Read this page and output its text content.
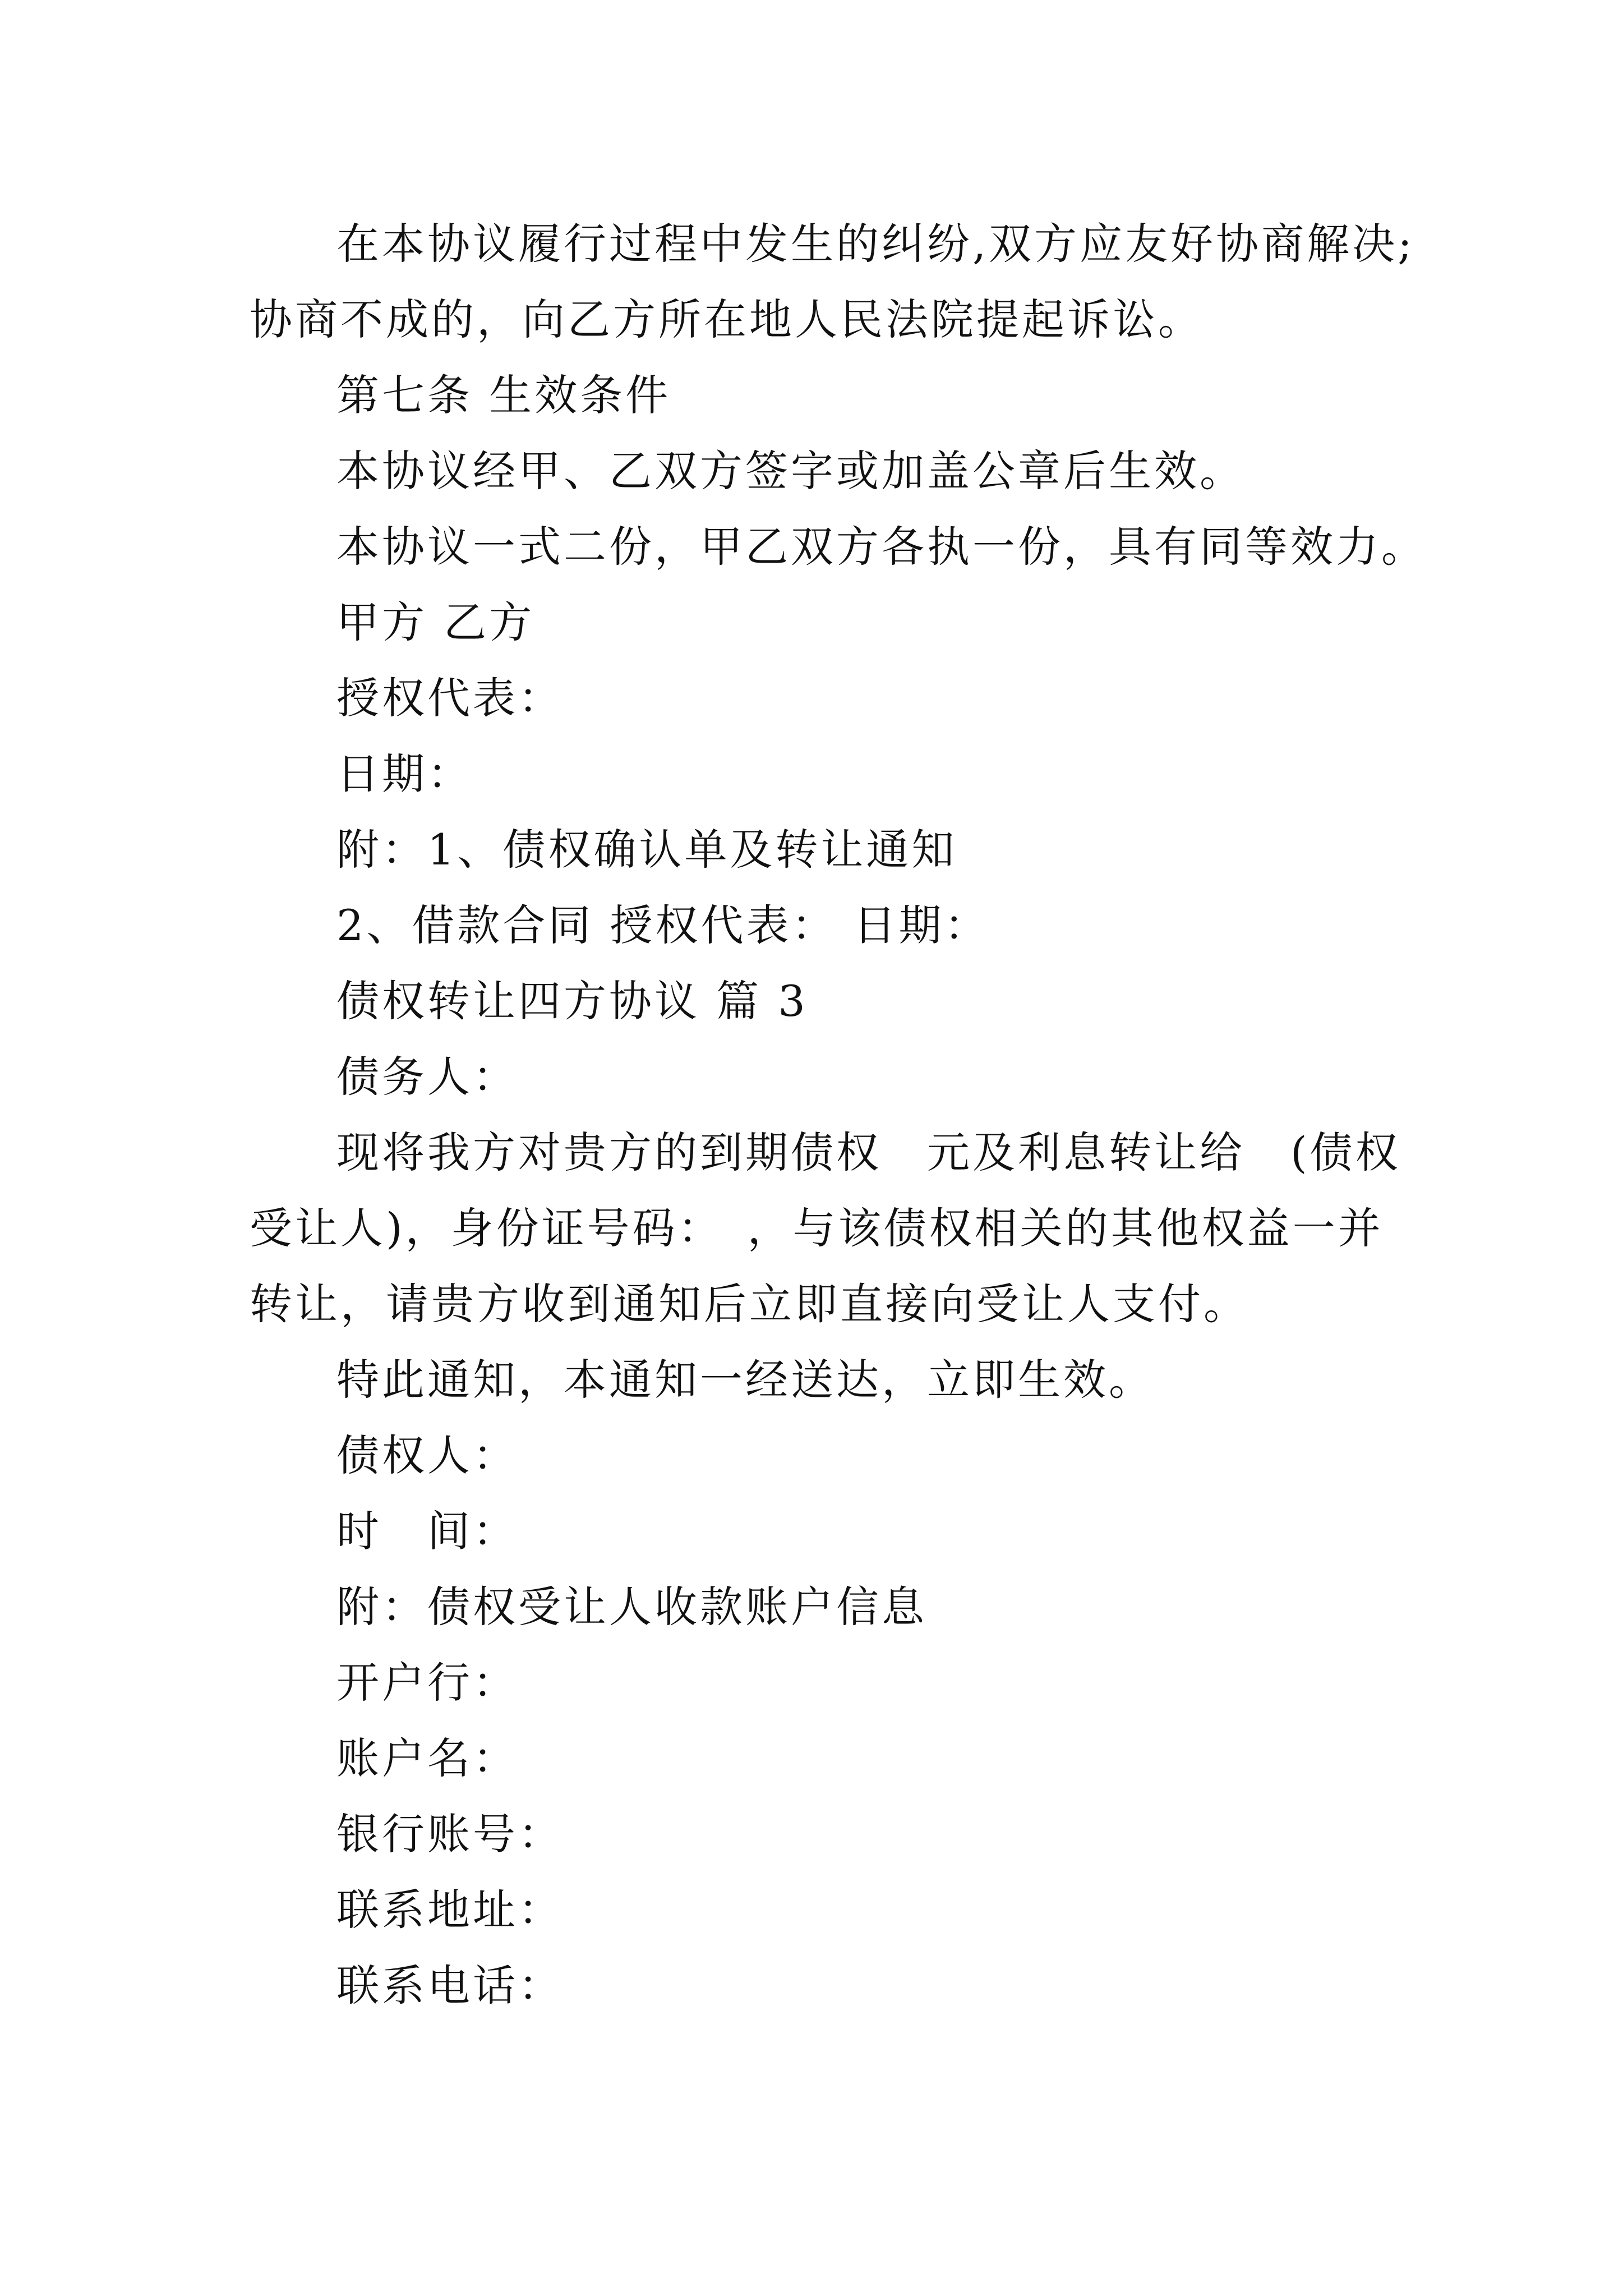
在本协议履行过程中发生的纠纷,双方应友好协商解决;

协商不成的，向乙方所在地人民法院提起诉讼。

第七条 生效条件

本协议经甲、乙双方签字或加盖公章后生效。

本协议一式二份，甲乙双方各执一份，具有同等效力。

甲方 乙方

授权代表：

日期：

附：1、债权确认单及转让通知

2、借款合同 授权代表： 日期：

债权转让四方协议 篇 3

债务人：

现将我方对贵方的到期债权　元及利息转让给　(债权

受让人)，身份证号码：　，与该债权相关的其他权益一并

转让，请贵方收到通知后立即直接向受让人支付。

特此通知，本通知一经送达，立即生效。

债权人：

时　间：

附：债权受让人收款账户信息

开户行：

账户名：

银行账号：

联系地址：

联系电话：
